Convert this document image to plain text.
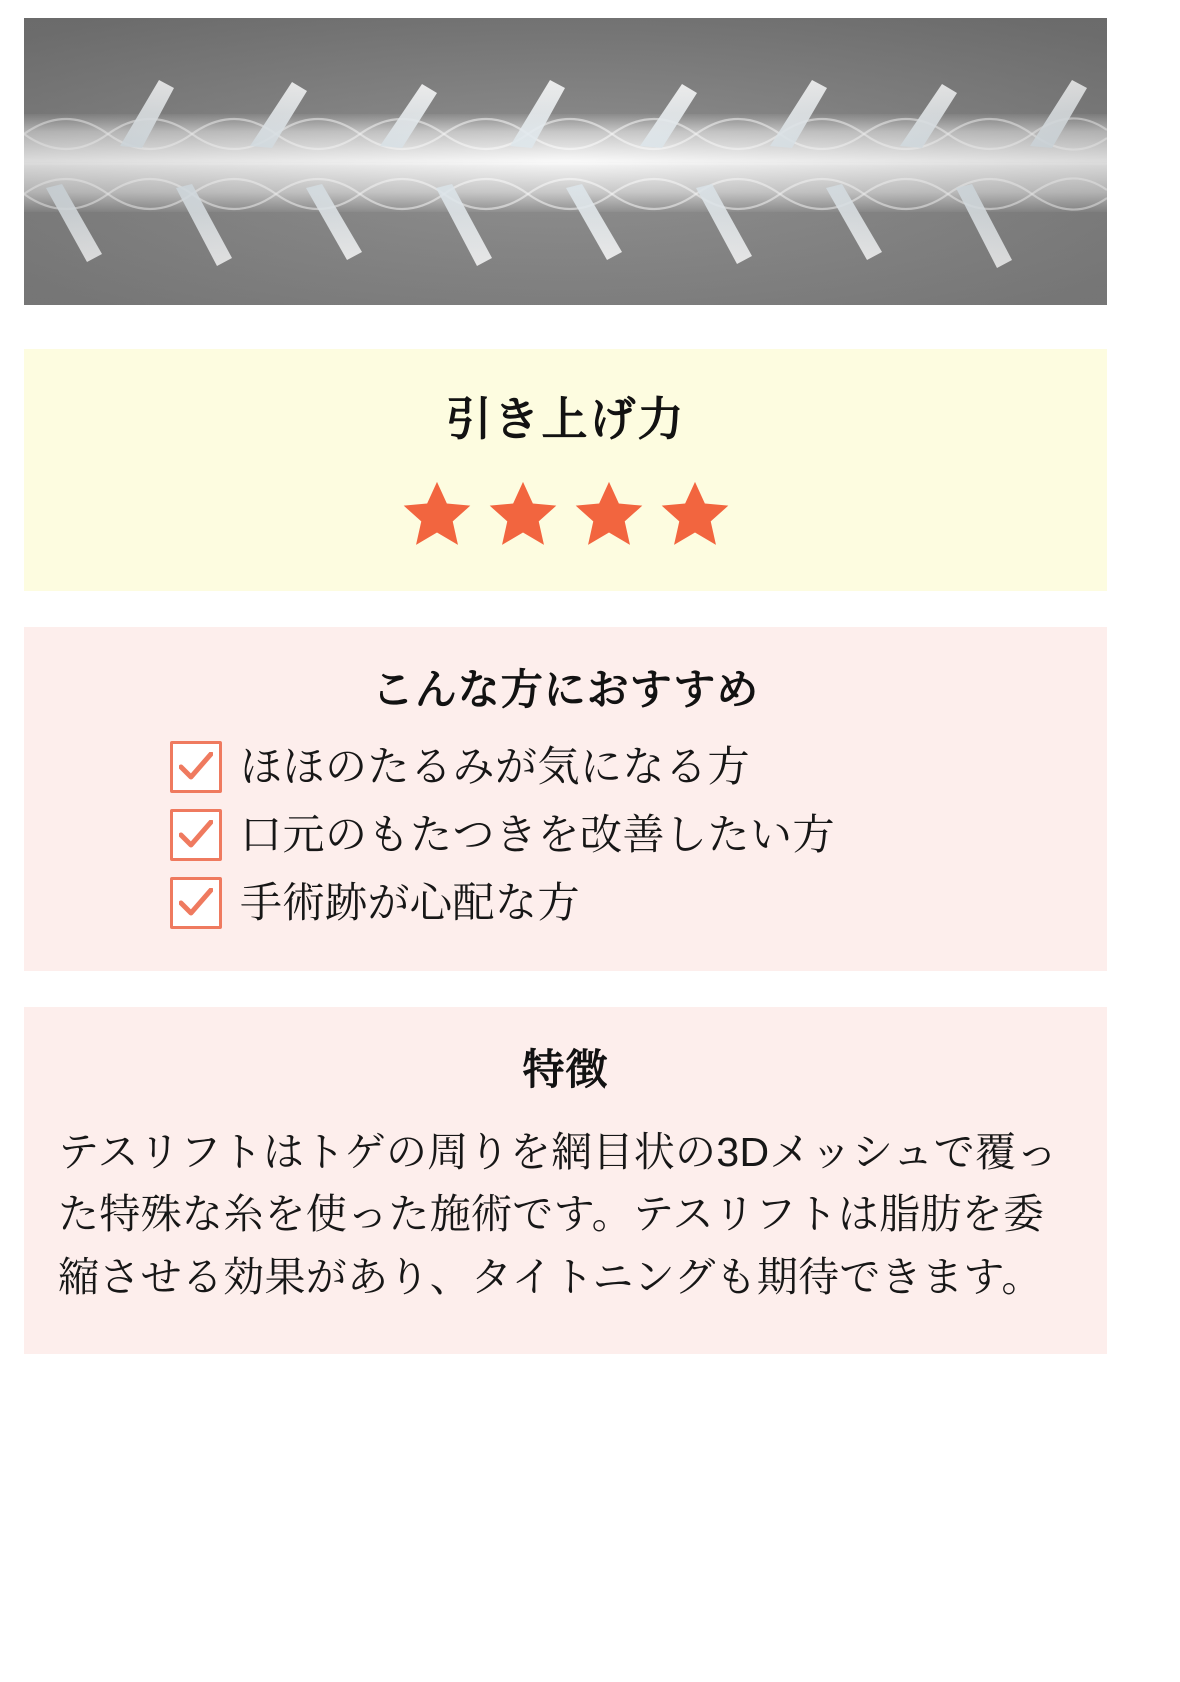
引き上げ力
こんな方におすすめ
ほほのたるみが気になる方
口元のもたつきを改善したい方
手術跡が心配な方
特徴

テスリフトはトゲの周りを網目状の3Dメッシュで覆った特殊な糸を使った施術です。テスリフトは脂肪を委縮させる効果があり、タイトニングも期待できます。
